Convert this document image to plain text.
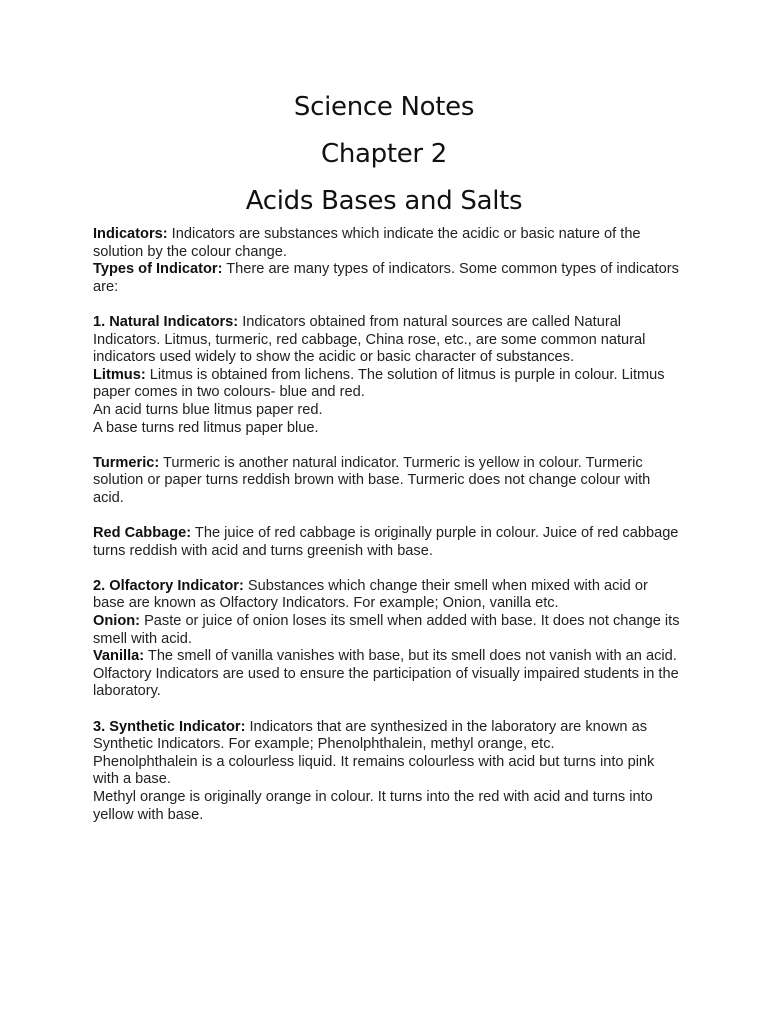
Science Notes
Chapter 2
Acids Bases and Salts

Indicators: Indicators are substances which indicate the acidic or basic nature of the solution by the colour change.

Types of Indicator: There are many types of indicators. Some common types of indicators are:

1. Natural Indicators: Indicators obtained from natural sources are called Natural Indicators. Litmus, turmeric, red cabbage, China rose, etc., are some common natural indicators used widely to show the acidic or basic character of substances.

Litmus: Litmus is obtained from lichens. The solution of litmus is purple in colour. Litmus paper comes in two colours- blue and red.

An acid turns blue litmus paper red.

A base turns red litmus paper blue.

Turmeric: Turmeric is another natural indicator. Turmeric is yellow in colour. Turmeric solution or paper turns reddish brown with base. Turmeric does not change colour with acid.

Red Cabbage: The juice of red cabbage is originally purple in colour. Juice of red cabbage turns reddish with acid and turns greenish with base.

2. Olfactory Indicator: Substances which change their smell when mixed with acid or base are known as Olfactory Indicators. For example; Onion, vanilla etc.

Onion: Paste or juice of onion loses its smell when added with base. It does not change its smell with acid.

Vanilla: The smell of vanilla vanishes with base, but its smell does not vanish with an acid.

Olfactory Indicators are used to ensure the participation of visually impaired students in the laboratory.

3. Synthetic Indicator: Indicators that are synthesized in the laboratory are known as Synthetic Indicators. For example; Phenolphthalein, methyl orange, etc.

Phenolphthalein is a colourless liquid. It remains colourless with acid but turns into pink with a base.

Methyl orange is originally orange in colour. It turns into the red with acid and turns into yellow with base.
